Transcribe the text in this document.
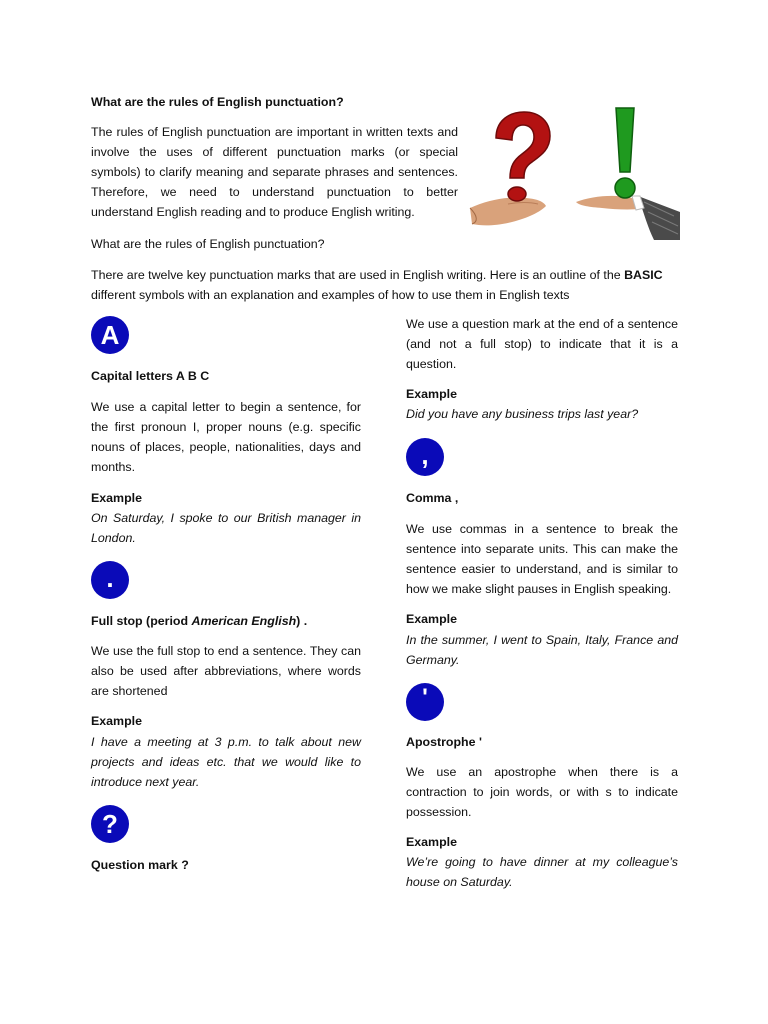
What are the rules of English punctuation?

The rules of English punctuation are important in written texts and involve the uses of different punctuation marks (or special symbols) to clarify meaning and separate phrases and sentences. Therefore, we need to understand punctuation to better understand English reading and to produce English writing.

What are the rules of English punctuation?

There are twelve key punctuation marks that are used in English writing. Here is an outline of the BASIC different symbols with an explanation and examples of how to use them in English texts

A

Capital letters A B C

We use a capital letter to begin a sentence, for the first pronoun I, proper nouns (e.g. specific nouns of places, people, nationalities, days and months.

Example

On Saturday, I spoke to our British manager in London.

.

Full stop (period American English) .

We use the full stop to end a sentence. They can also be used after abbreviations, where words are shortened

Example

I have a meeting at 3 p.m. to talk about new projects and ideas etc. that we would like to introduce next year.

?

Question mark ?

We use a question mark at the end of a sentence (and not a full stop) to indicate that it is a question.

Example

Did you have any business trips last year?

,

Comma ,

We use commas in a sentence to break the sentence into separate units. This can make the sentence easier to understand, and is similar to how we make slight pauses in English speaking.

Example

In the summer, I went to Spain, Italy, France and Germany.

'

Apostrophe '

We use an apostrophe when there is a contraction to join words, or with s to indicate possession.

Example

We’re going to have dinner at my colleague’s house on Saturday.
